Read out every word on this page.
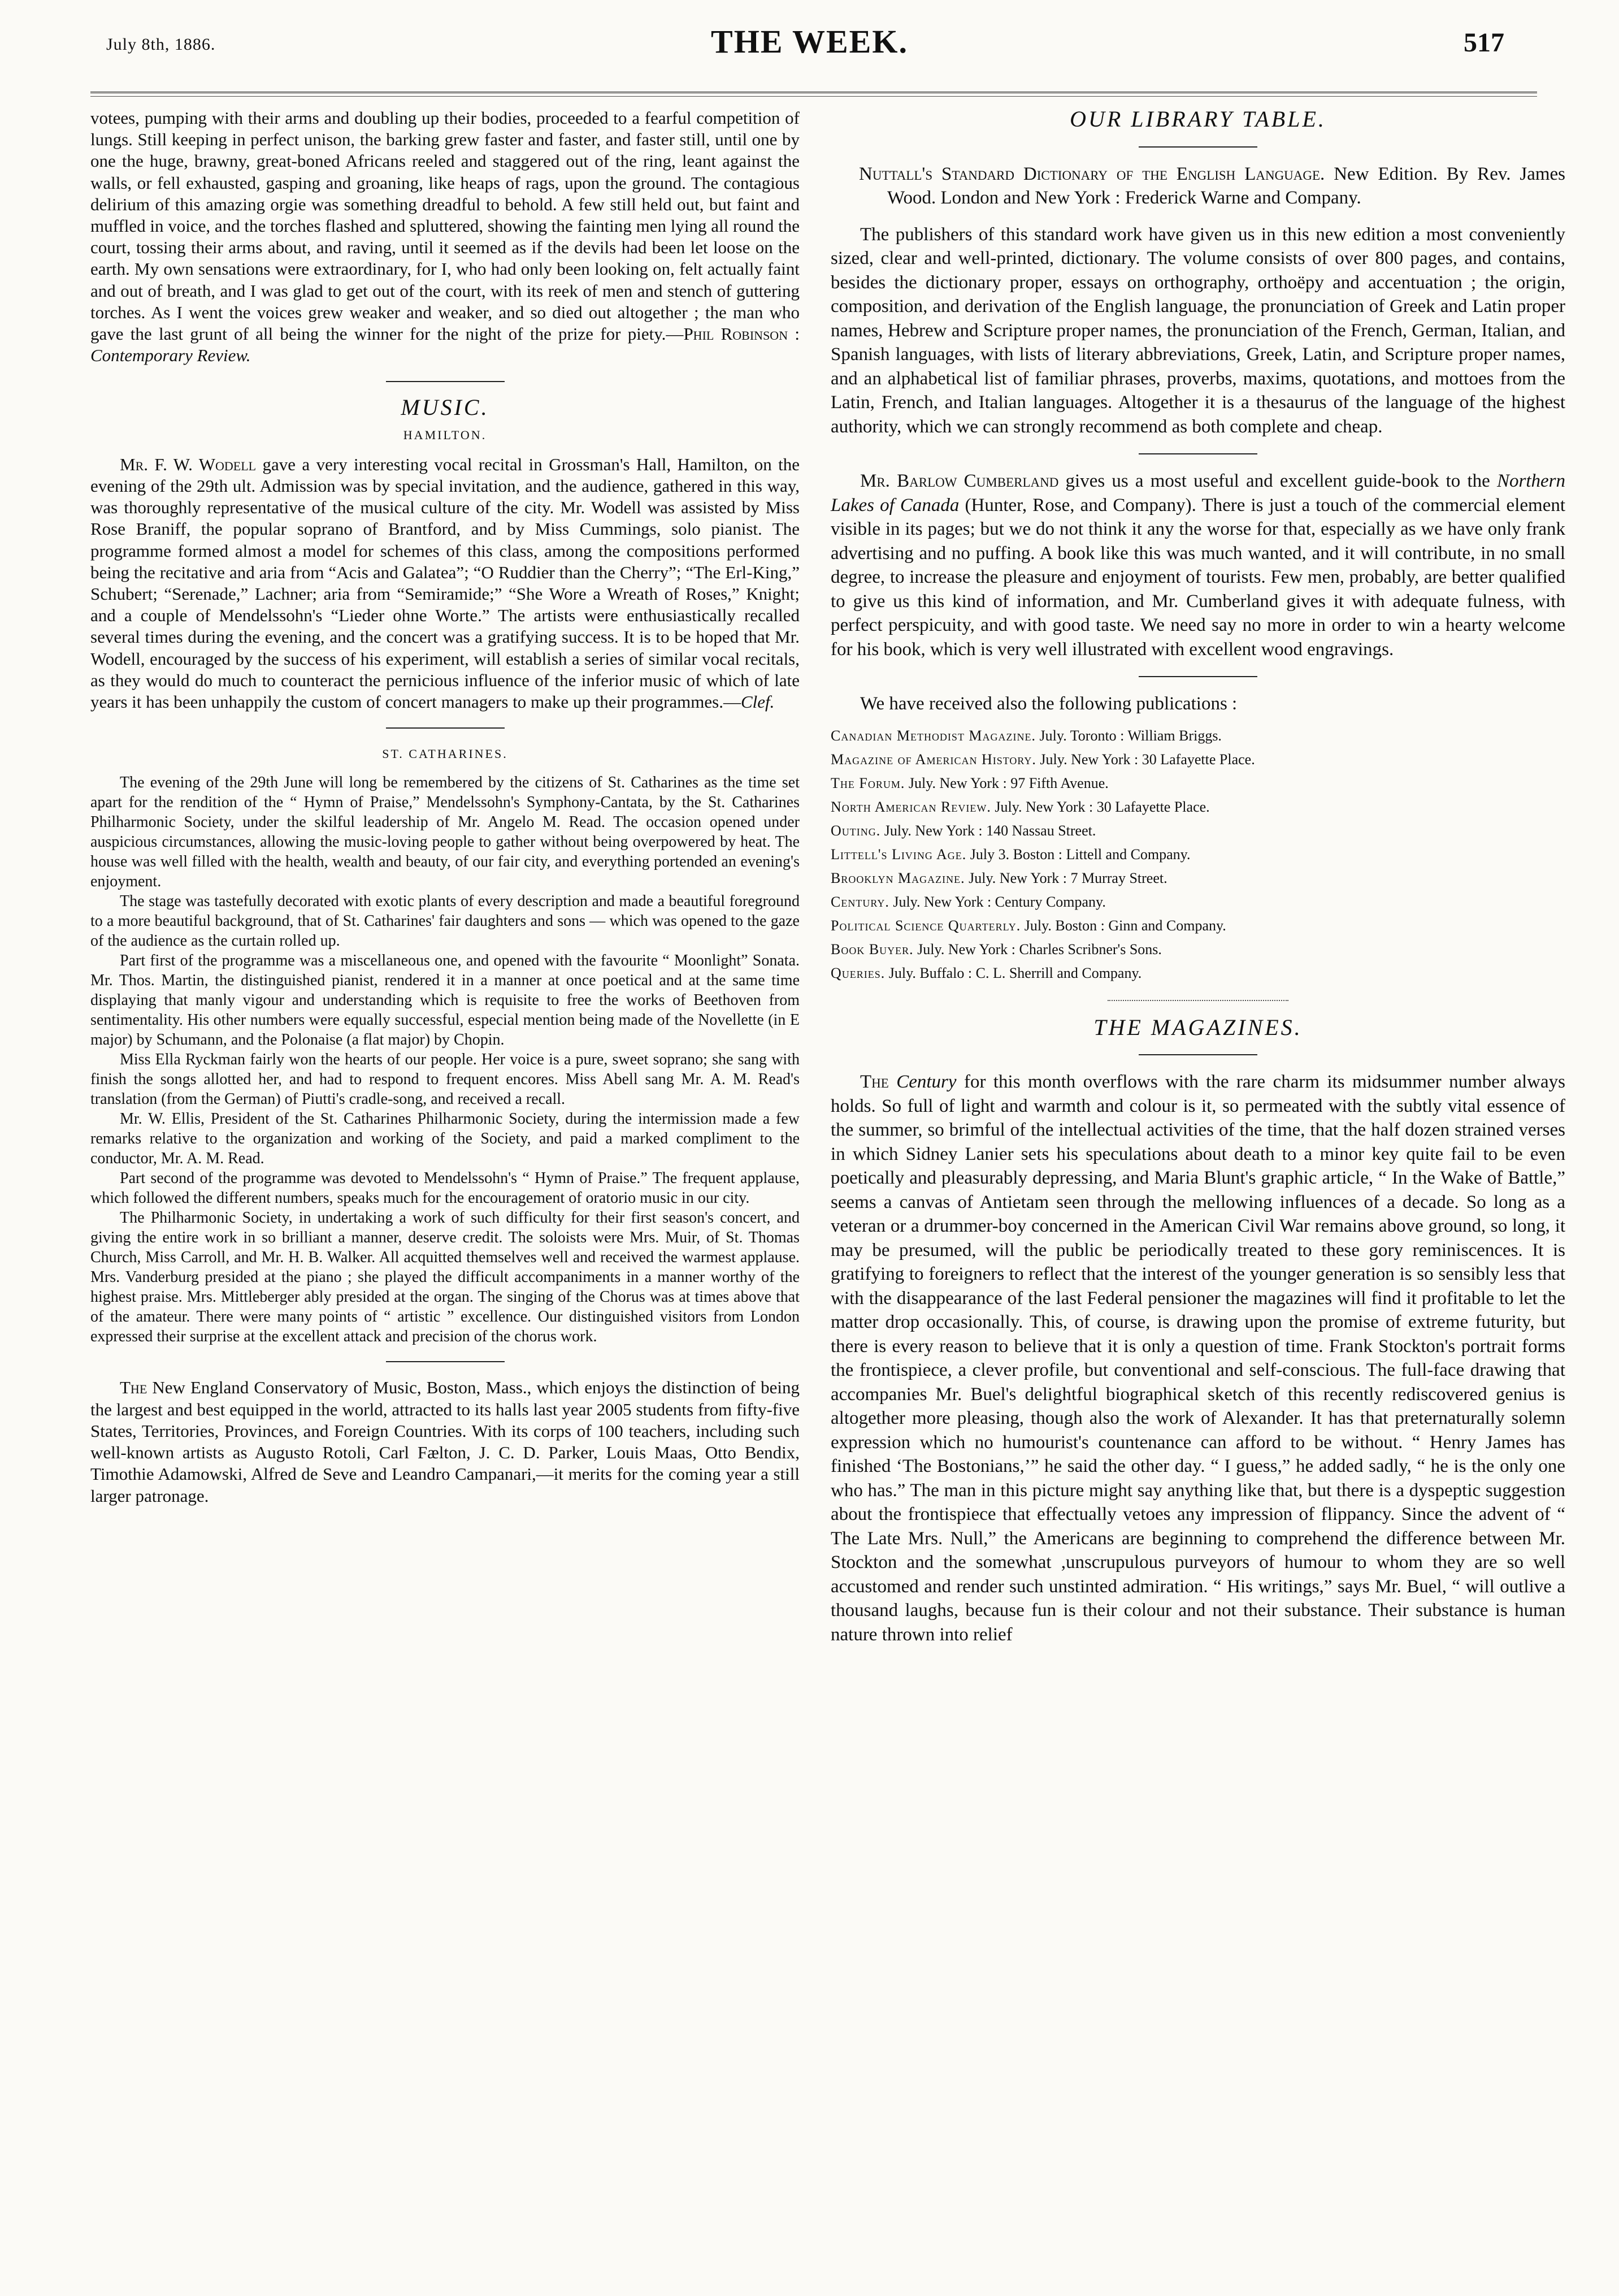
July 8th, 1886.	THE WEEK.	517

votees, pumping with their arms and doubling up their bodies, proceeded to a fearful competition of lungs. Still keeping in perfect unison, the barking grew faster and faster, and faster still, until one by one the huge, brawny, great-boned Africans reeled and staggered out of the ring, leant against the walls, or fell exhausted, gasping and groaning, like heaps of rags, upon the ground. The contagious delirium of this amazing orgie was something dreadful to behold. A few still held out, but faint and muffled in voice, and the torches flashed and spluttered, showing the fainting men lying all round the court, tossing their arms about, and raving, until it seemed as if the devils had been let loose on the earth. My own sensations were extraordinary, for I, who had only been looking on, felt actually faint and out of breath, and I was glad to get out of the court, with its reek of men and stench of guttering torches. As I went the voices grew weaker and weaker, and so died out altogether ; the man who gave the last grunt of all being the winner for the night of the prize for piety.—Phil Robinson : Contemporary Review.

MUSIC.
HAMILTON.

Mr. F. W. Wodell gave a very interesting vocal recital in Grossman's Hall, Hamilton, on the evening of the 29th ult. Admission was by special invitation, and the audience, gathered in this way, was thoroughly representative of the musical culture of the city. Mr. Wodell was assisted by Miss Rose Braniff, the popular soprano of Brantford, and by Miss Cummings, solo pianist. The programme formed almost a model for schemes of this class, among the compositions performed being the recitative and aria from “Acis and Galatea”; “O Ruddier than the Cherry”; “The Erl-King,” Schubert; “Serenade,” Lachner; aria from “Semiramide;” “She Wore a Wreath of Roses,” Knight; and a couple of Mendelssohn's “Lieder ohne Worte.” The artists were enthusiastically recalled several times during the evening, and the concert was a gratifying success. It is to be hoped that Mr. Wodell, encouraged by the success of his experiment, will establish a series of similar vocal recitals, as they would do much to counteract the pernicious influence of the inferior music of which of late years it has been unhappily the custom of concert managers to make up their programmes.—Clef.

ST. CATHARINES.

The evening of the 29th June will long be remembered by the citizens of St. Catharines as the time set apart for the rendition of the “ Hymn of Praise,” Mendelssohn's Symphony-Cantata, by the St. Catharines Philharmonic Society, under the skilful leadership of Mr. Angelo M. Read. The occasion opened under auspicious circumstances, allowing the music-loving people to gather without being overpowered by heat. The house was well filled with the health, wealth and beauty, of our fair city, and everything portended an evening's enjoyment.

The stage was tastefully decorated with exotic plants of every description and made a beautiful foreground to a more beautiful background, that of St. Catharines' fair daughters and sons — which was opened to the gaze of the audience as the curtain rolled up.

Part first of the programme was a miscellaneous one, and opened with the favourite “ Moonlight” Sonata. Mr. Thos. Martin, the distinguished pianist, rendered it in a manner at once poetical and at the same time displaying that manly vigour and understanding which is requisite to free the works of Beethoven from sentimentality. His other numbers were equally successful, especial mention being made of the Novellette (in E major) by Schumann, and the Polonaise (a flat major) by Chopin.

Miss Ella Ryckman fairly won the hearts of our people. Her voice is a pure, sweet soprano; she sang with finish the songs allotted her, and had to respond to frequent encores. Miss Abell sang Mr. A. M. Read's translation (from the German) of Piutti's cradle-song, and received a recall.

Mr. W. Ellis, President of the St. Catharines Philharmonic Society, during the intermission made a few remarks relative to the organization and working of the Society, and paid a marked compliment to the conductor, Mr. A. M. Read.

Part second of the programme was devoted to Mendelssohn's “ Hymn of Praise.” The frequent applause, which followed the different numbers, speaks much for the encouragement of oratorio music in our city.

The Philharmonic Society, in undertaking a work of such difficulty for their first season's concert, and giving the entire work in so brilliant a manner, deserve credit. The soloists were Mrs. Muir, of St. Thomas Church, Miss Carroll, and Mr. H. B. Walker. All acquitted themselves well and received the warmest applause. Mrs. Vanderburg presided at the piano ; she played the difficult accompaniments in a manner worthy of the highest praise. Mrs. Mittleberger ably presided at the organ. The singing of the Chorus was at times above that of the amateur. There were many points of “ artistic ” excellence. Our distinguished visitors from London expressed their surprise at the excellent attack and precision of the chorus work.

The New England Conservatory of Music, Boston, Mass., which enjoys the distinction of being the largest and best equipped in the world, attracted to its halls last year 2005 students from fifty-five States, Territories, Provinces, and Foreign Countries. With its corps of 100 teachers, including such well-known artists as Augusto Rotoli, Carl Fælton, J. C. D. Parker, Louis Maas, Otto Bendix, Timothie Adamowski, Alfred de Seve and Leandro Campanari,—it merits for the coming year a still larger patronage.

OUR LIBRARY TABLE.

Nuttall's Standard Dictionary of the English Language. New Edition. By Rev. James Wood. London and New York : Frederick Warne and Company.

The publishers of this standard work have given us in this new edition a most conveniently sized, clear and well-printed, dictionary. The volume consists of over 800 pages, and contains, besides the dictionary proper, essays on orthography, orthoëpy and accentuation ; the origin, composition, and derivation of the English language, the pronunciation of Greek and Latin proper names, Hebrew and Scripture proper names, the pronunciation of the French, German, Italian, and Spanish languages, with lists of literary abbreviations, Greek, Latin, and Scripture proper names, and an alphabetical list of familiar phrases, proverbs, maxims, quotations, and mottoes from the Latin, French, and Italian languages. Altogether it is a thesaurus of the language of the highest authority, which we can strongly recommend as both complete and cheap.

Mr. Barlow Cumberland gives us a most useful and excellent guide-book to the Northern Lakes of Canada (Hunter, Rose, and Company). There is just a touch of the commercial element visible in its pages; but we do not think it any the worse for that, especially as we have only frank advertising and no puffing. A book like this was much wanted, and it will contribute, in no small degree, to increase the pleasure and enjoyment of tourists. Few men, probably, are better qualified to give us this kind of information, and Mr. Cumberland gives it with adequate fulness, with perfect perspicuity, and with good taste. We need say no more in order to win a hearty welcome for his book, which is very well illustrated with excellent wood engravings.

We have received also the following publications :

Canadian Methodist Magazine. July. Toronto : William Briggs.
Magazine of American History. July. New York : 30 Lafayette Place.
The Forum. July. New York : 97 Fifth Avenue.
North American Review. July. New York : 30 Lafayette Place.
Outing. July. New York : 140 Nassau Street.
Littell's Living Age. July 3. Boston : Littell and Company.
Brooklyn Magazine. July. New York : 7 Murray Street.
Century. July. New York : Century Company.
Political Science Quarterly. July. Boston : Ginn and Company.
Book Buyer. July. New York : Charles Scribner's Sons.
Queries. July. Buffalo : C. L. Sherrill and Company.
THE MAGAZINES.

The Century for this month overflows with the rare charm its midsummer number always holds. So full of light and warmth and colour is it, so permeated with the subtly vital essence of the summer, so brimful of the intellectual activities of the time, that the half dozen strained verses in which Sidney Lanier sets his speculations about death to a minor key quite fail to be even poetically and pleasurably depressing, and Maria Blunt's graphic article, “ In the Wake of Battle,” seems a canvas of Antietam seen through the mellowing influences of a decade. So long as a veteran or a drummer-boy concerned in the American Civil War remains above ground, so long, it may be presumed, will the public be periodically treated to these gory reminiscences. It is gratifying to foreigners to reflect that the interest of the younger generation is so sensibly less that with the disappearance of the last Federal pensioner the magazines will find it profitable to let the matter drop occasionally. This, of course, is drawing upon the promise of extreme futurity, but there is every reason to believe that it is only a question of time. Frank Stockton's portrait forms the frontispiece, a clever profile, but conventional and self-conscious. The full-face drawing that accompanies Mr. Buel's delightful biographical sketch of this recently rediscovered genius is altogether more pleasing, though also the work of Alexander. It has that preternaturally solemn expression which no humourist's countenance can afford to be without. “ Henry James has finished ‘The Bostonians,’” he said the other day. “ I guess,” he added sadly, “ he is the only one who has.” The man in this picture might say anything like that, but there is a dyspeptic suggestion about the frontispiece that effectually vetoes any impression of flippancy. Since the advent of “ The Late Mrs. Null,” the Americans are beginning to comprehend the difference between Mr. Stockton and the somewhat ,unscrupulous purveyors of humour to whom they are so well accustomed and render such unstinted admiration. “ His writings,” says Mr. Buel, “ will outlive a thousand laughs, because fun is their colour and not their substance. Their substance is human nature thrown into relief
